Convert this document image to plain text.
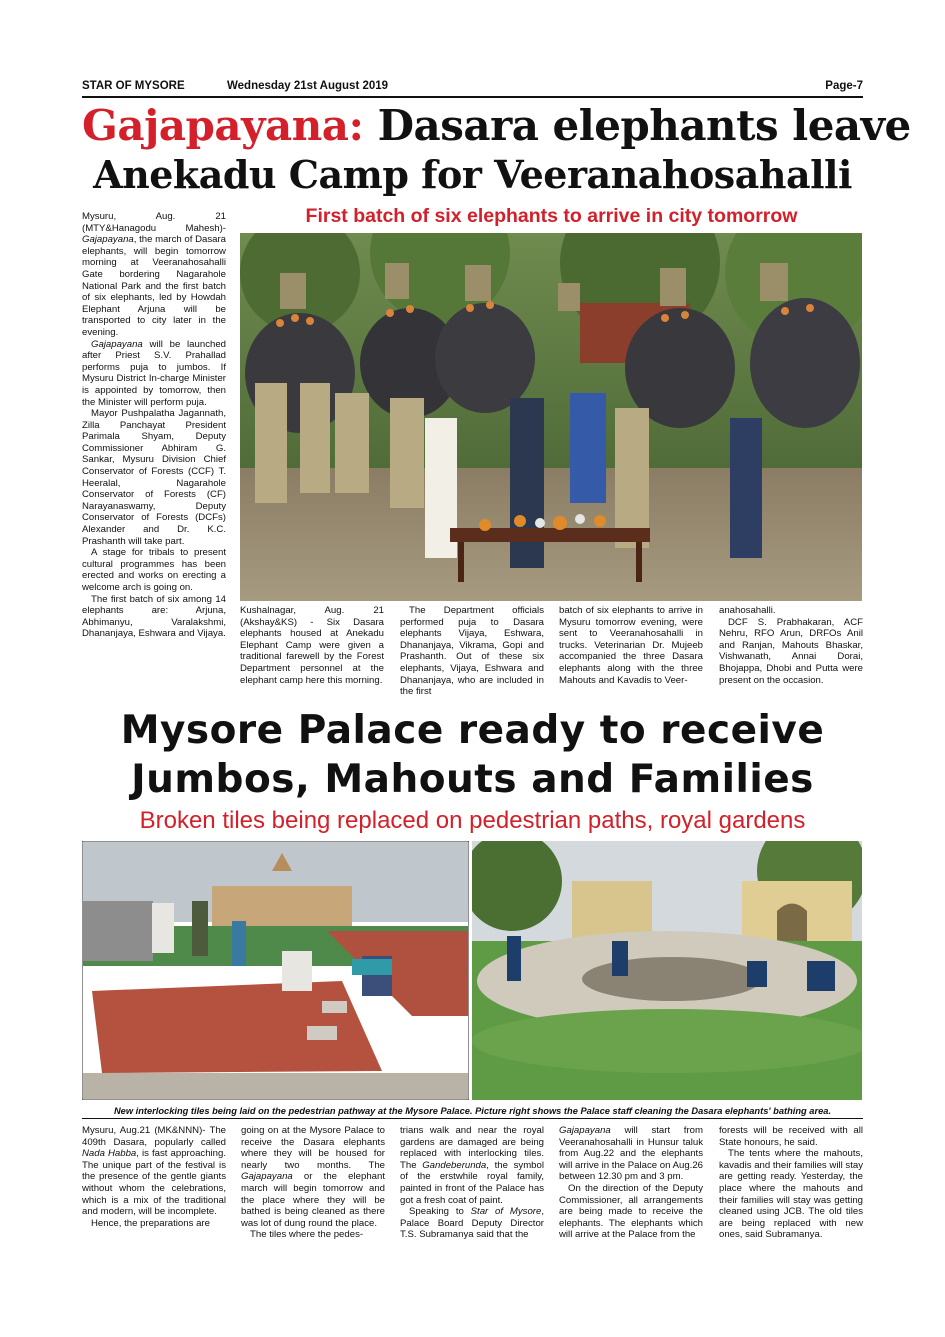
STAR OF MYSORE	Wednesday 21st August 2019	Page-7
Gajapayana: Dasara elephants leave
Anekadu Camp for Veeranahosahalli
First batch of six elephants to arrive in city tomorrow

Mysuru, Aug. 21 (MTY&Hanagodu Mahesh)- Gajapayana, the march of Dasara elephants, will begin tomorrow morning at Veeranahosahalli Gate bordering Nagarahole National Park and the first batch of six elephants, led by Howdah Elephant Arjuna will be transported to city later in the evening.

Gajapayana will be launched after Priest S.V. Prahallad performs puja to jumbos. If Mysuru District In-charge Minister is appointed by tomorrow, then the Minister will perform puja.

Mayor Pushpalatha Jagannath, Zilla Panchayat President Parimala Shyam, Deputy Commissioner Abhiram G. Sankar, Mysuru Division Chief Conservator of Forests (CCF) T. Heeralal, Nagarahole Conservator of Forests (CF) Narayanaswamy, Deputy Conservator of Forests (DCFs) Alexander and Dr. K.C. Prashanth will take part.

A stage for tribals to present cultural programmes has been erected and works on erecting a welcome arch is going on.

The first batch of six among 14 elephants are: Arjuna, Abhimanyu, Varalakshmi, Dhananjaya, Eshwara and Vijaya.

Kushalnagar, Aug. 21 (Akshay&KS) - Six Dasara elephants housed at Anekadu Elephant Camp were given a traditional farewell by the Forest Department personnel at the elephant camp here this morning.

The Department officials performed puja to Dasara elephants Vijaya, Eshwara, Dhananjaya, Vikrama, Gopi and Prashanth. Out of these six elephants, Vijaya, Eshwara and Dhananjaya, who are included in the first

batch of six elephants to arrive in Mysuru tomorrow evening, were sent to Veeranahosahalli in trucks. Veterinarian Dr. Mujeeb accompanied the three Dasara elephants along with the three Mahouts and Kavadis to Veer-

anahosahalli.

DCF S. Prabhakaran, ACF Nehru, RFO Arun, DRFOs Anil and Ranjan, Mahouts Bhaskar, Vishwanath, Annai Dorai, Bhojappa, Dhobi and Putta were present on the occasion.

Mysore Palace ready to receive
Jumbos, Mahouts and Families
Broken tiles being replaced on pedestrian paths, royal gardens
New interlocking tiles being laid on the pedestrian pathway at the Mysore Palace. Picture right shows the Palace staff cleaning the Dasara elephants' bathing area.

Mysuru, Aug.21 (MK&NNN)- The 409th Dasara, popularly called Nada Habba, is fast approaching. The unique part of the festival is the presence of the gentle giants without whom the celebrations, which is a mix of the traditional and modern, will be incomplete.

Hence, the preparations are

going on at the Mysore Palace to receive the Dasara elephants where they will be housed for nearly two months. The Gajapayana or the elephant march will begin tomorrow and the place where they will be bathed is being cleaned as there was lot of dung round the place.

The tiles where the pedes-

trians walk and near the royal gardens are damaged are being replaced with interlocking tiles. The Gandeberunda, the symbol of the erstwhile royal family, painted in front of the Palace has got a fresh coat of paint.

Speaking to Star of Mysore, Palace Board Deputy Director T.S. Subramanya said that the

Gajapayana will start from Veeranahosahalli in Hunsur taluk from Aug.22 and the elephants will arrive in the Palace on Aug.26 between 12.30 pm and 3 pm.

On the direction of the Deputy Commissioner, all arrangements are being made to receive the elephants. The elephants which will arrive at the Palace from the

forests will be received with all State honours, he said.

The tents where the mahouts, kavadis and their families will stay are getting ready. Yesterday, the place where the mahouts and their families will stay was getting cleaned using JCB. The old tiles are being replaced with new ones, said Subramanya.
